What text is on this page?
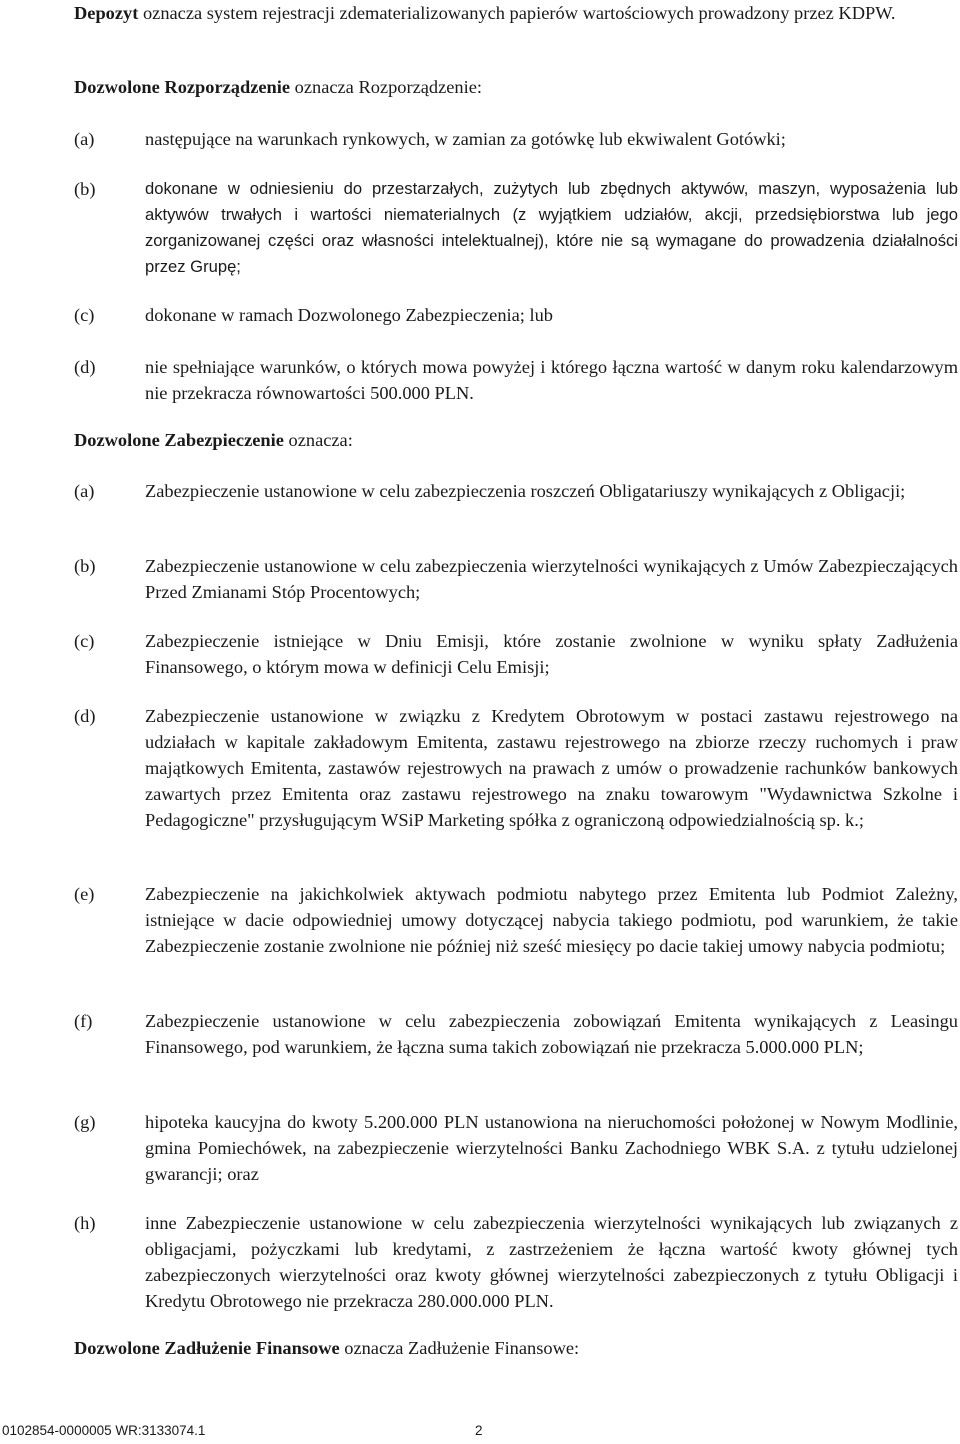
Depozyt oznacza system rejestracji zdematerializowanych papierów wartościowych prowadzony przez KDPW.
Dozwolone Rozporządzenie oznacza Rozporządzenie:
(a)	następujące na warunkach rynkowych, w zamian za gotówkę lub ekwiwalent Gotówki;
(b)	dokonane w odniesieniu do przestarzałych, zużytych lub zbędnych aktywów, maszyn, wyposażenia lub aktywów trwałych i wartości niematerialnych (z wyjątkiem udziałów, akcji, przedsiębiorstwa lub jego zorganizowanej części oraz własności intelektualnej), które nie są wymagane do prowadzenia działalności przez Grupę;
(c)	dokonane w ramach Dozwolonego Zabezpieczenia; lub
(d)	nie spełniające warunków, o których mowa powyżej i którego łączna wartość w danym roku kalendarzowym nie przekracza równowartości 500.000 PLN.
Dozwolone Zabezpieczenie oznacza:
(a)	Zabezpieczenie ustanowione w celu zabezpieczenia roszczeń Obligatariuszy wynikających z Obligacji;
(b)	Zabezpieczenie ustanowione w celu zabezpieczenia wierzytelności wynikających z Umów Zabezpieczających Przed Zmianami Stóp Procentowych;
(c)	Zabezpieczenie istniejące w Dniu Emisji, które zostanie zwolnione w wyniku spłaty Zadłużenia Finansowego, o którym mowa w definicji Celu Emisji;
(d)	Zabezpieczenie ustanowione w związku z Kredytem Obrotowym w postaci zastawu rejestrowego na udziałach w kapitale zakładowym Emitenta, zastawu rejestrowego na zbiorze rzeczy ruchomych i praw majątkowych Emitenta, zastawów rejestrowych na prawach z umów o prowadzenie rachunków bankowych zawartych przez Emitenta oraz zastawu rejestrowego na znaku towarowym "Wydawnictwa Szkolne i Pedagogiczne" przysługującym WSiP Marketing spółka z ograniczoną odpowiedzialnością sp. k.;
(e)	Zabezpieczenie na jakichkolwiek aktywach podmiotu nabytego przez Emitenta lub Podmiot Zależny, istniejące w dacie odpowiedniej umowy dotyczącej nabycia takiego podmiotu, pod warunkiem, że takie Zabezpieczenie zostanie zwolnione nie później niż sześć miesięcy po dacie takiej umowy nabycia podmiotu;
(f)	Zabezpieczenie ustanowione w celu zabezpieczenia zobowiązań Emitenta wynikających z Leasingu Finansowego, pod warunkiem, że łączna suma takich zobowiązań nie przekracza 5.000.000 PLN;
(g)	hipoteka kaucyjna do kwoty 5.200.000 PLN ustanowiona na nieruchomości położonej w Nowym Modlinie, gmina Pomiechówek, na zabezpieczenie wierzytelności Banku Zachodniego WBK S.A. z tytułu udzielonej gwarancji; oraz
(h)	inne Zabezpieczenie ustanowione w celu zabezpieczenia wierzytelności wynikających lub związanych z obligacjami, pożyczkami lub kredytami, z zastrzeżeniem że łączna wartość kwoty głównej tych zabezpieczonych wierzytelności oraz kwoty głównej wierzytelności zabezpieczonych z tytułu Obligacji i Kredytu Obrotowego nie przekracza 280.000.000 PLN.
Dozwolone Zadłużenie Finansowe oznacza Zadłużenie Finansowe:
0102854-0000005 WR:3133074.1	2
